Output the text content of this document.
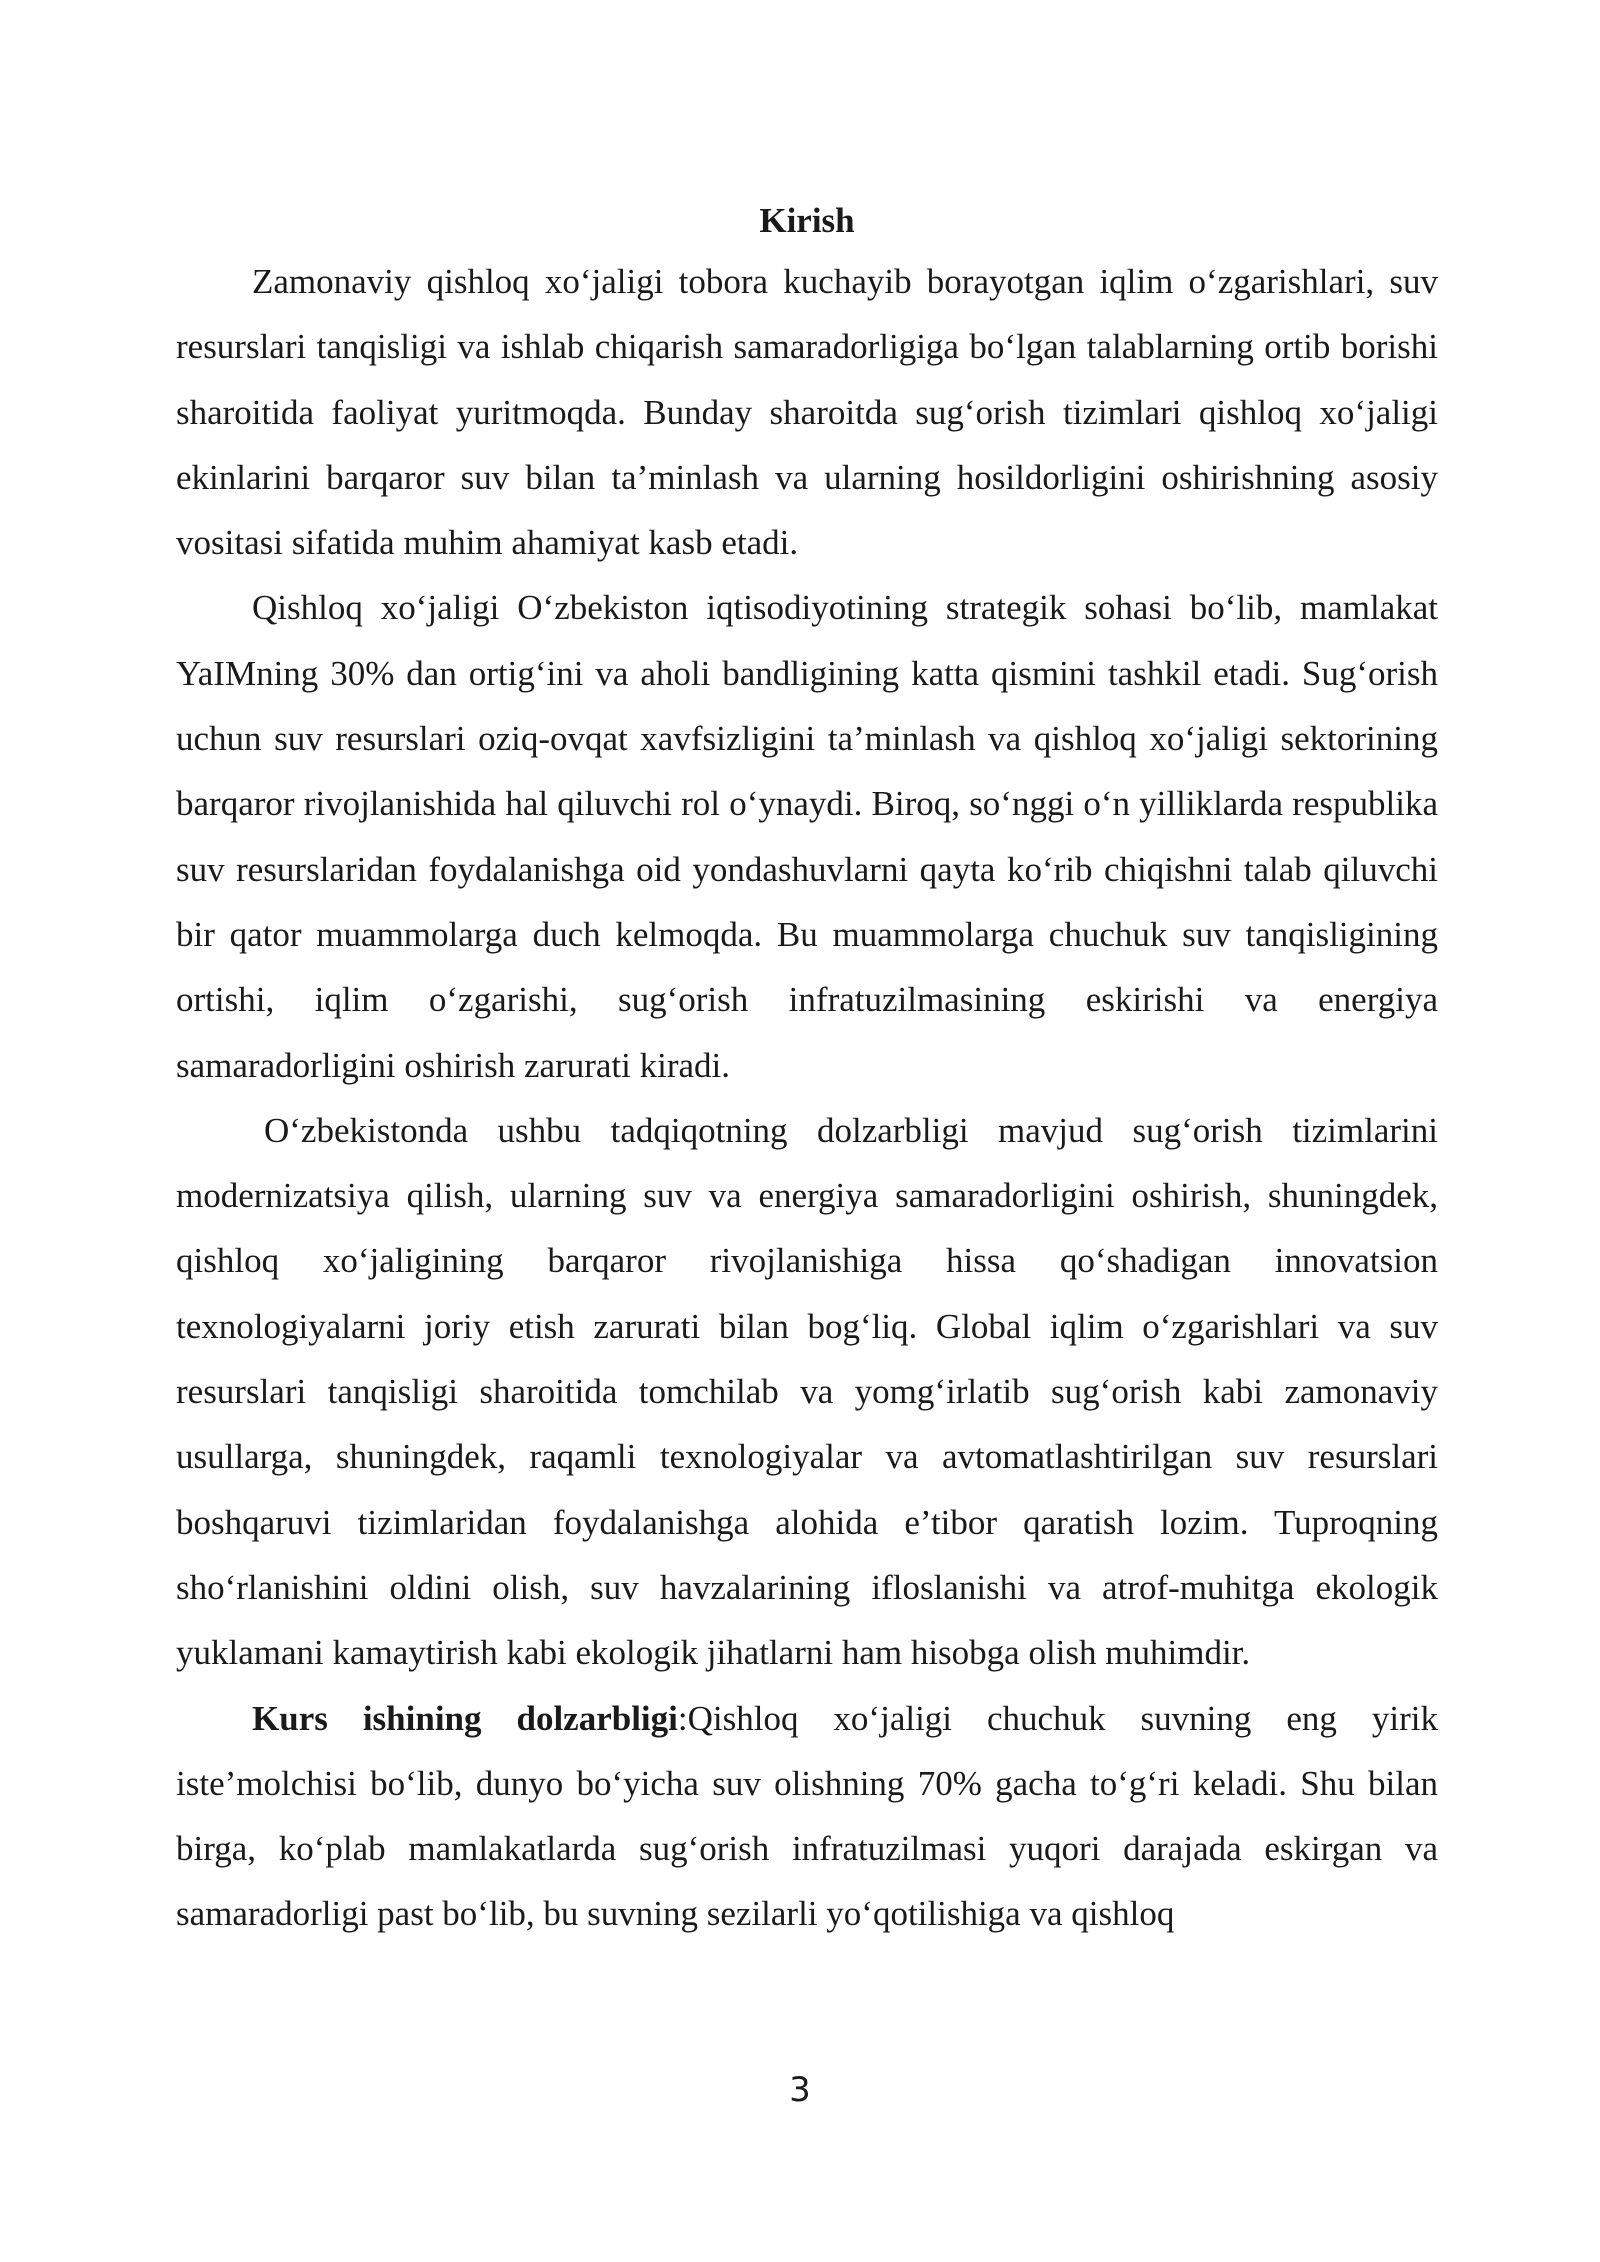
Kirish

Zamonaviy qishloq xo‘jaligi tobora kuchayib borayotgan iqlim o‘zgarishlari, suv resurslari tanqisligi va ishlab chiqarish samaradorligiga bo‘lgan talablarning ortib borishi sharoitida faoliyat yuritmoqda. Bunday sharoitda sug‘orish tizimlari qishloq xo‘jaligi ekinlarini barqaror suv bilan ta’minlash va ularning hosildorligini oshirishning asosiy vositasi sifatida muhim ahamiyat kasb etadi.

Qishloq xo‘jaligi O‘zbekiston iqtisodiyotining strategik sohasi bo‘lib, mamlakat YaIMning 30% dan ortig‘ini va aholi bandligining katta qismini tashkil etadi. Sug‘orish uchun suv resurslari oziq-ovqat xavfsizligini ta’minlash va qishloq xo‘jaligi sektorining barqaror rivojlanishida hal qiluvchi rol o‘ynaydi. Biroq, so‘nggi o‘n yilliklarda respublika suv resurslaridan foydalanishga oid yondashuvlarni qayta ko‘rib chiqishni talab qiluvchi bir qator muammolarga duch kelmoqda. Bu muammolarga chuchuk suv tanqisligining ortishi, iqlim o‘zgarishi, sug‘orish infratuzilmasining eskirishi va energiya samaradorligini oshirish zarurati kiradi.

O‘zbekistonda ushbu tadqiqotning dolzarbligi mavjud sug‘orish tizimlarini modernizatsiya qilish, ularning suv va energiya samaradorligini oshirish, shuningdek, qishloq xo‘jaligining barqaror rivojlanishiga hissa qo‘shadigan innovatsion texnologiyalarni joriy etish zarurati bilan bog‘liq. Global iqlim o‘zgarishlari va suv resurslari tanqisligi sharoitida tomchilab va yomg‘irlatib sug‘orish kabi zamonaviy usullarga, shuningdek, raqamli texnologiyalar va avtomatlashtirilgan suv resurslari boshqaruvi tizimlaridan foydalanishga alohida e’tibor qaratish lozim. Tuproqning sho‘rlanishini oldini olish, suv havzalarining ifloslanishi va atrof-muhitga ekologik yuklamani kamaytirish kabi ekologik jihatlarni ham hisobga olish muhimdir.

Kurs ishining dolzarbligi:Qishloq xo‘jaligi chuchuk suvning eng yirik iste’molchisi bo‘lib, dunyo bo‘yicha suv olishning 70% gacha to‘g‘ri keladi. Shu bilan birga, ko‘plab mamlakatlarda sug‘orish infratuzilmasi yuqori darajada eskirgan va samaradorligi past bo‘lib, bu suvning sezilarli yo‘qotilishiga va qishloq

3
